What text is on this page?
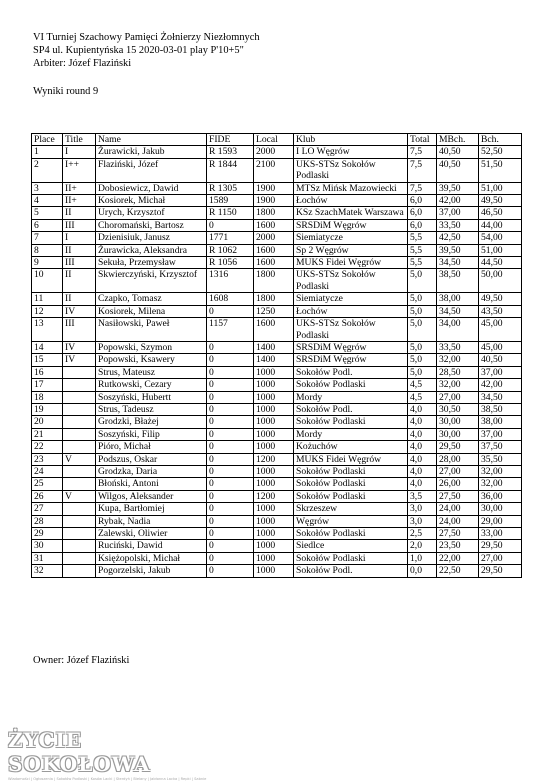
VI Turniej Szachowy Pamięci Żołnierzy Niezłomnych
SP4 ul. Kupientyńska 15 2020-03-01 play P'10+5"
Arbiter: Józef Flaziński
Wyniki round 9
Place	Title	Name	FIDE	Local	Klub	Total	MBch.	Bch.
1	I	Żurawicki, Jakub	R 1593	2000	I LO Węgrów	7,5	40,50	52,50
2	I++	Flaziński, Józef	R 1844	2100	UKS-STSz Sokołów Podlaski	7,5	40,50	51,50
3	II+	Dobosiewicz, Dawid	R 1305	1900	MTSz Mińsk Mazowiecki	7,5	39,50	51,00
4	II+	Kosiorek, Michał	1589	1900	Łochów	6,0	42,00	49,50
5	II	Urych, Krzysztof	R 1150	1800	KSz SzachMatek Warszawa	6,0	37,00	46,50
6	III	Choromański, Bartosz	0	1600	SRSDiM Węgrów	6,0	33,50	44,00
7	I	Dzienisiuk, Janusz	1771	2000	Siemiatycze	5,5	42,50	54,00
8	II	Żurawicka, Aleksandra	R 1062	1600	Sp 2 Węgrów	5,5	39,50	51,00
9	III	Sekuła, Przemysław	R 1056	1600	MUKS Fidei Węgrów	5,5	34,50	44,50
10	II	Skwierczyński, Krzysztof	1316	1800	UKS-STSz Sokołów Podlaski	5,0	38,50	50,00
11	II	Czapko, Tomasz	1608	1800	Siemiatycze	5,0	38,00	49,50
12	IV	Kosiorek, Milena	0	1250	Łochów	5,0	34,50	43,50
13	III	Nasiłowski, Paweł	1157	1600	UKS-STSz Sokołów Podlaski	5,0	34,00	45,00
14	IV	Popowski, Szymon	0	1400	SRSDiM Węgrów	5,0	33,50	45,00
15	IV	Popowski, Ksawery	0	1400	SRSDiM Węgrów	5,0	32,00	40,50
16		Strus, Mateusz	0	1000	Sokołów Podl.	5,0	28,50	37,00
17		Rutkowski, Cezary	0	1000	Sokołów Podlaski	4,5	32,00	42,00
18		Soszyński, Hubertt	0	1000	Mordy	4,5	27,00	34,50
19		Strus, Tadeusz	0	1000	Sokołów Podl.	4,0	30,50	38,50
20		Grodzki, Błażej	0	1000	Sokołów Podlaski	4,0	30,00	38,00
21		Soszyński, Filip	0	1000	Mordy	4,0	30,00	37,00
22		Pióro, Michał	0	1000	Kożuchów	4,0	29,50	37,50
23	V	Podszus, Oskar	0	1200	MUKS Fidei Węgrów	4,0	28,00	35,50
24		Grodzka, Daria	0	1000	Sokołów Podlaski	4,0	27,00	32,00
25		Błoński, Antoni	0	1000	Sokołów Podlaski	4,0	26,00	32,00
26	V	Wilgos, Aleksander	0	1200	Sokołów Podlaski	3,5	27,50	36,00
27		Kupa, Bartłomiej	0	1000	Skrzeszew	3,0	24,00	30,00
28		Rybak, Nadia	0	1000	Węgrów	3,0	24,00	29,00
29		Zalewski, Oliwier	0	1000	Sokołów Podlaski	2,5	27,50	33,00
30		Ruciński, Dawid	0	1000	Siedlce	2,0	23,50	29,50
31		Księżopolski, Michał	0	1000	Sokołów Podlaski	1,0	22,00	27,00
32		Pogorzelski, Jakub	0	1000	Sokołów Podl.	0,0	22,50	29,50
Owner: Józef Flaziński
ŻYCIE SOKOŁOWA
Wiadomości | Ogłoszenia | Sokołów Podlaski | Kosów Lacki | Sterdyń | Bielany | Jabłonna Lacka | Repki | Sabnie
